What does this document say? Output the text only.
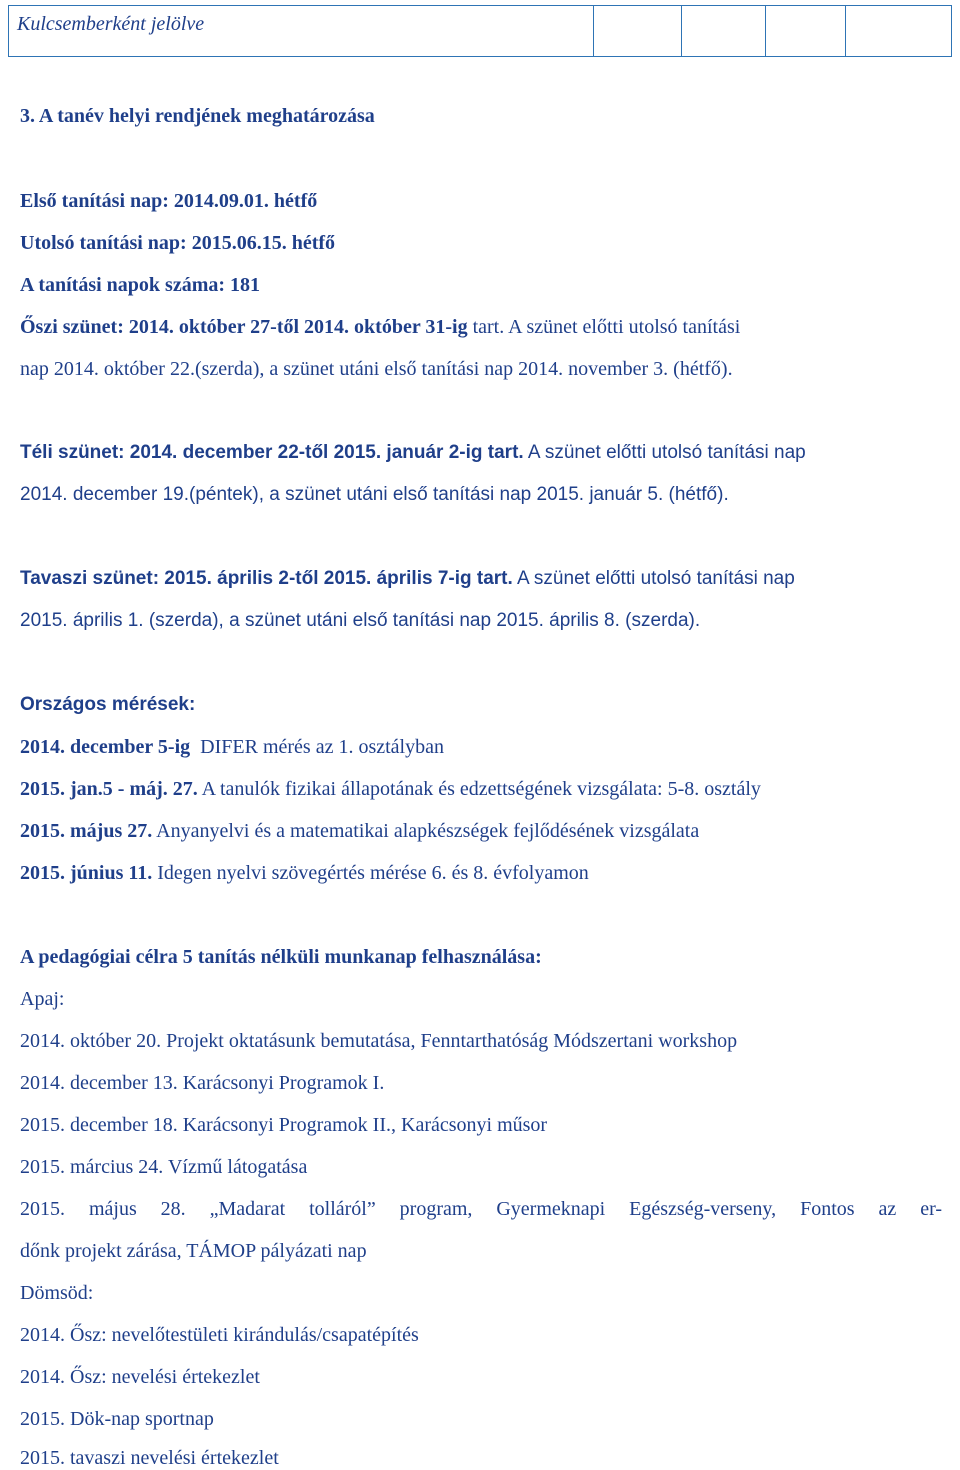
Kulcsemberként jelölve
3. A tanév helyi rendjének meghatározása
Első tanítási nap: 2014.09.01. hétfő
Utolsó tanítási nap: 2015.06.15. hétfő
A tanítási napok száma: 181
Őszi szünet: 2014. október 27-től 2014. október 31-ig tart. A szünet előtti utolsó tanítási
nap 2014. október 22.(szerda), a szünet utáni első tanítási nap 2014. november 3. (hétfő).
Téli szünet: 2014. december 22-től 2015. január 2-ig tart. A szünet előtti utolsó tanítási nap
2014. december 19.(péntek), a szünet utáni első tanítási nap 2015. január 5. (hétfő).
Tavaszi szünet: 2015. április 2-től 2015. április 7-ig tart. A szünet előtti utolsó tanítási nap
2015. április 1. (szerda), a szünet utáni első tanítási nap 2015. április 8. (szerda).
Országos mérések:
2014. december 5-ig  DIFER mérés az 1. osztályban
2015. jan.5 - máj. 27. A tanulók fizikai állapotának és edzettségének vizsgálata: 5-8. osztály
2015. május 27. Anyanyelvi és a matematikai alapkészségek fejlődésének vizsgálata
2015. június 11. Idegen nyelvi szövegértés mérése 6. és 8. évfolyamon
A pedagógiai célra 5 tanítás nélküli munkanap felhasználása:
Apaj:
2014. október 20. Projekt oktatásunk bemutatása, Fenntarthatóság Módszertani workshop
2014. december 13. Karácsonyi Programok I.
2015. december 18. Karácsonyi Programok II., Karácsonyi műsor
2015. március 24. Vízmű látogatása
2015. május 28. „Madarat tolláról” program, Gyermeknapi Egészség-verseny, Fontos az er-
dőnk projekt zárása, TÁMOP pályázati nap
Dömsöd:
2014. Ősz: nevelőtestületi kirándulás/csapatépítés
2014. Ősz: nevelési értekezlet
2015. Dök-nap sportnap
2015. tavaszi nevelési értekezlet
